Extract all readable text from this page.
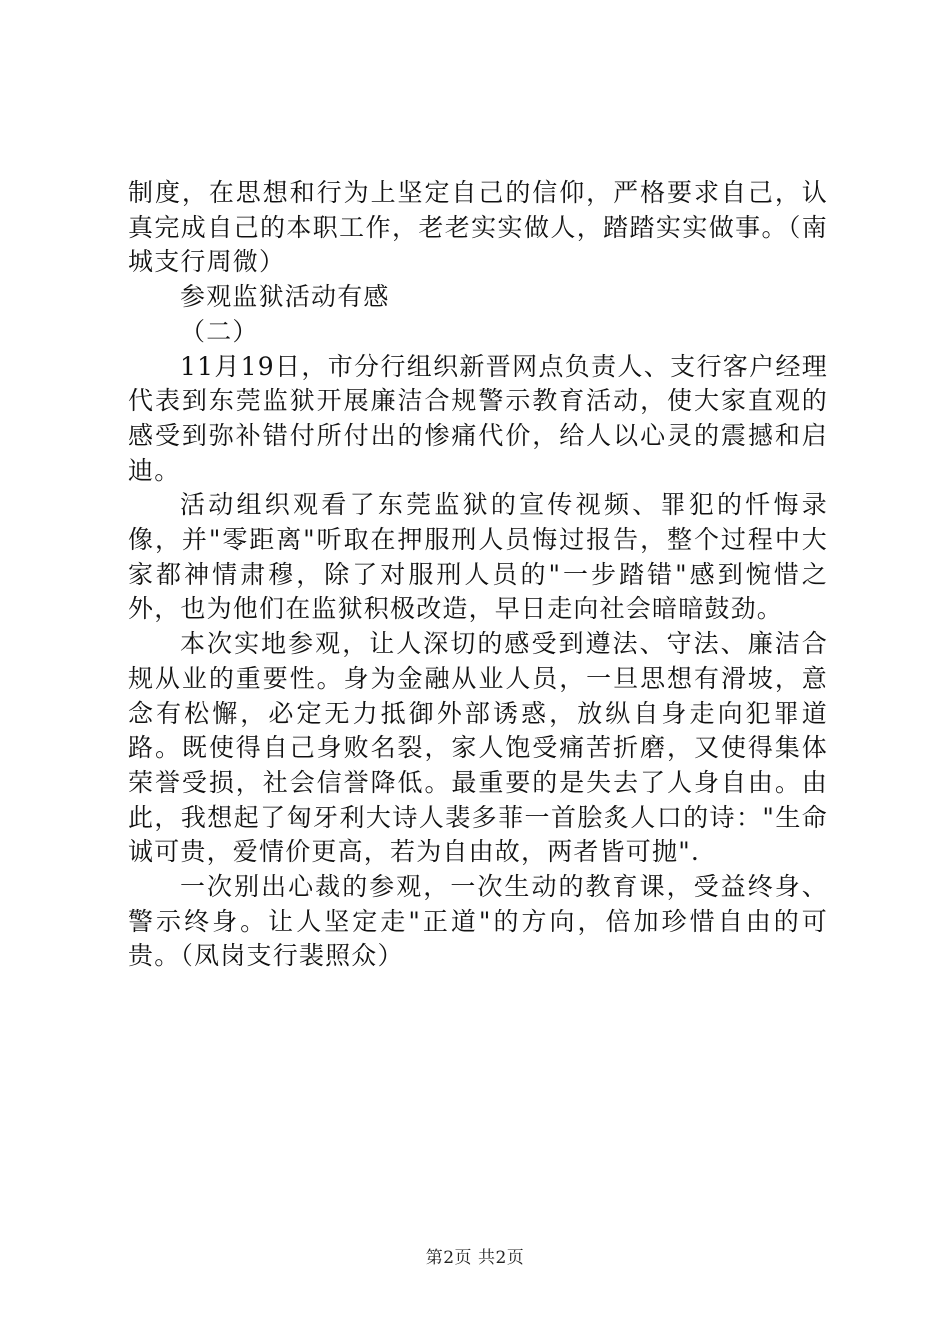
制度，在思想和行为上坚定自己的信仰，严格要求自己，认真完成自己的本职工作，老老实实做人，踏踏实实做事。（南城支行周微）

参观监狱活动有感

（二）

11月19日，市分行组织新晋网点负责人、支行客户经理代表到东莞监狱开展廉洁合规警示教育活动，使大家直观的感受到弥补错付所付出的惨痛代价，给人以心灵的震撼和启迪。

活动组织观看了东莞监狱的宣传视频、罪犯的忏悔录像，并"零距离"听取在押服刑人员悔过报告，整个过程中大家都神情肃穆，除了对服刑人员的"一步踏错"感到惋惜之外，也为他们在监狱积极改造，早日走向社会暗暗鼓劲。

本次实地参观，让人深切的感受到遵法、守法、廉洁合规从业的重要性。身为金融从业人员，一旦思想有滑坡，意念有松懈，必定无力抵御外部诱惑，放纵自身走向犯罪道路。既使得自己身败名裂，家人饱受痛苦折磨，又使得集体荣誉受损，社会信誉降低。最重要的是失去了人身自由。由此，我想起了匈牙利大诗人裴多菲一首脍炙人口的诗："生命诚可贵，爱情价更高，若为自由故，两者皆可抛".

一次别出心裁的参观，一次生动的教育课，受益终身、警示终身。让人坚定走"正道"的方向，倍加珍惜自由的可贵。（凤岗支行裴照众）

第2页 共2页
